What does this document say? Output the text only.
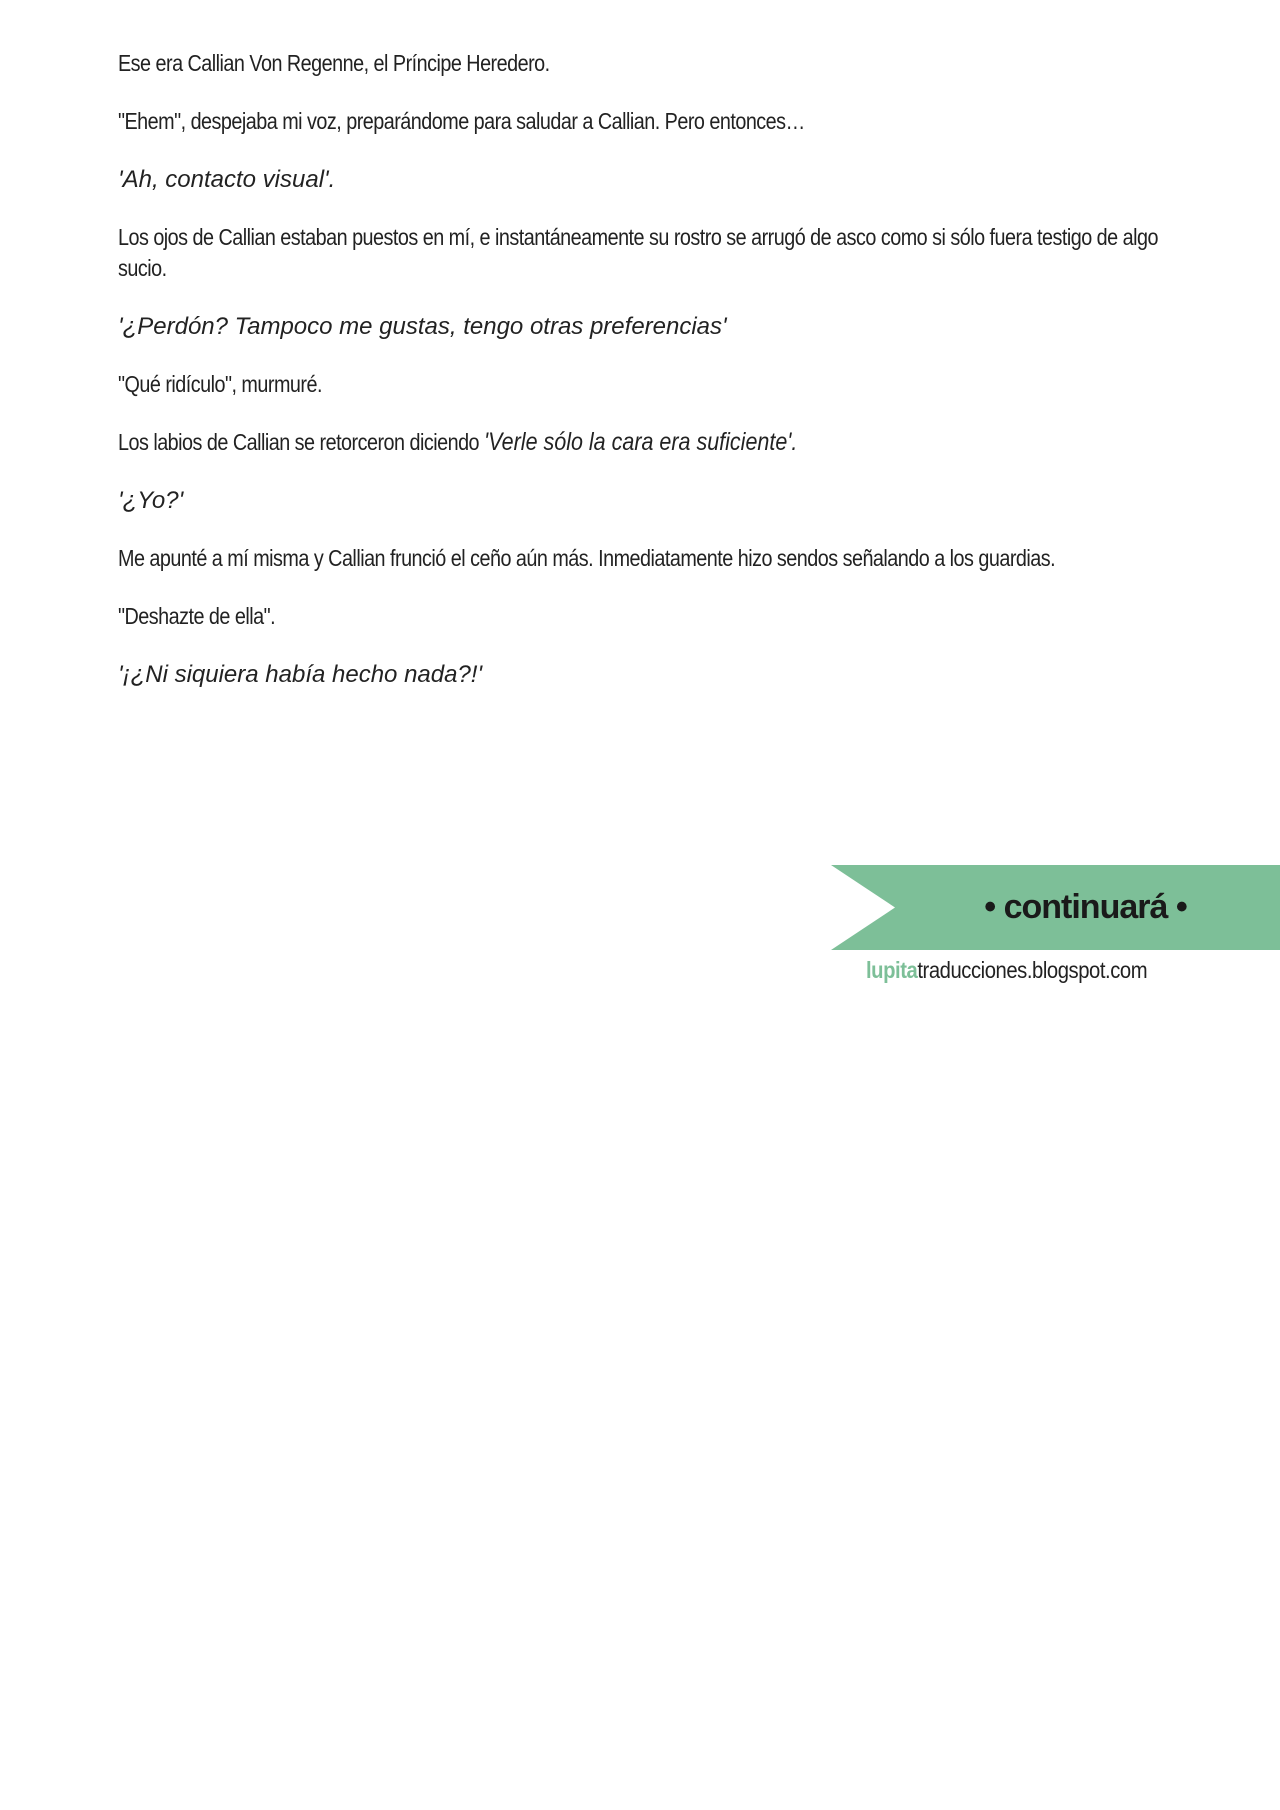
Ese era Callian Von Regenne, el Príncipe Heredero.

"Ehem", despejaba mi voz, preparándome para saludar a Callian. Pero entonces…

'Ah, contacto visual'.

Los ojos de Callian estaban puestos en mí, e instantáneamente su rostro se arrugó de asco como si sólo fuera testigo de algo sucio.

'¿Perdón? Tampoco me gustas, tengo otras preferencias'

"Qué ridículo", murmuré.

Los labios de Callian se retorceron diciendo 'Verle sólo la cara era suficiente'.

'¿Yo?'

Me apunté a mí misma y Callian frunció el ceño aún más. Inmediatamente hizo sendos señalando a los guardias.

"Deshazte de ella".

'¡¿Ni siquiera había hecho nada?!'

• continuará •
lupitatraducciones.blogspot.com
